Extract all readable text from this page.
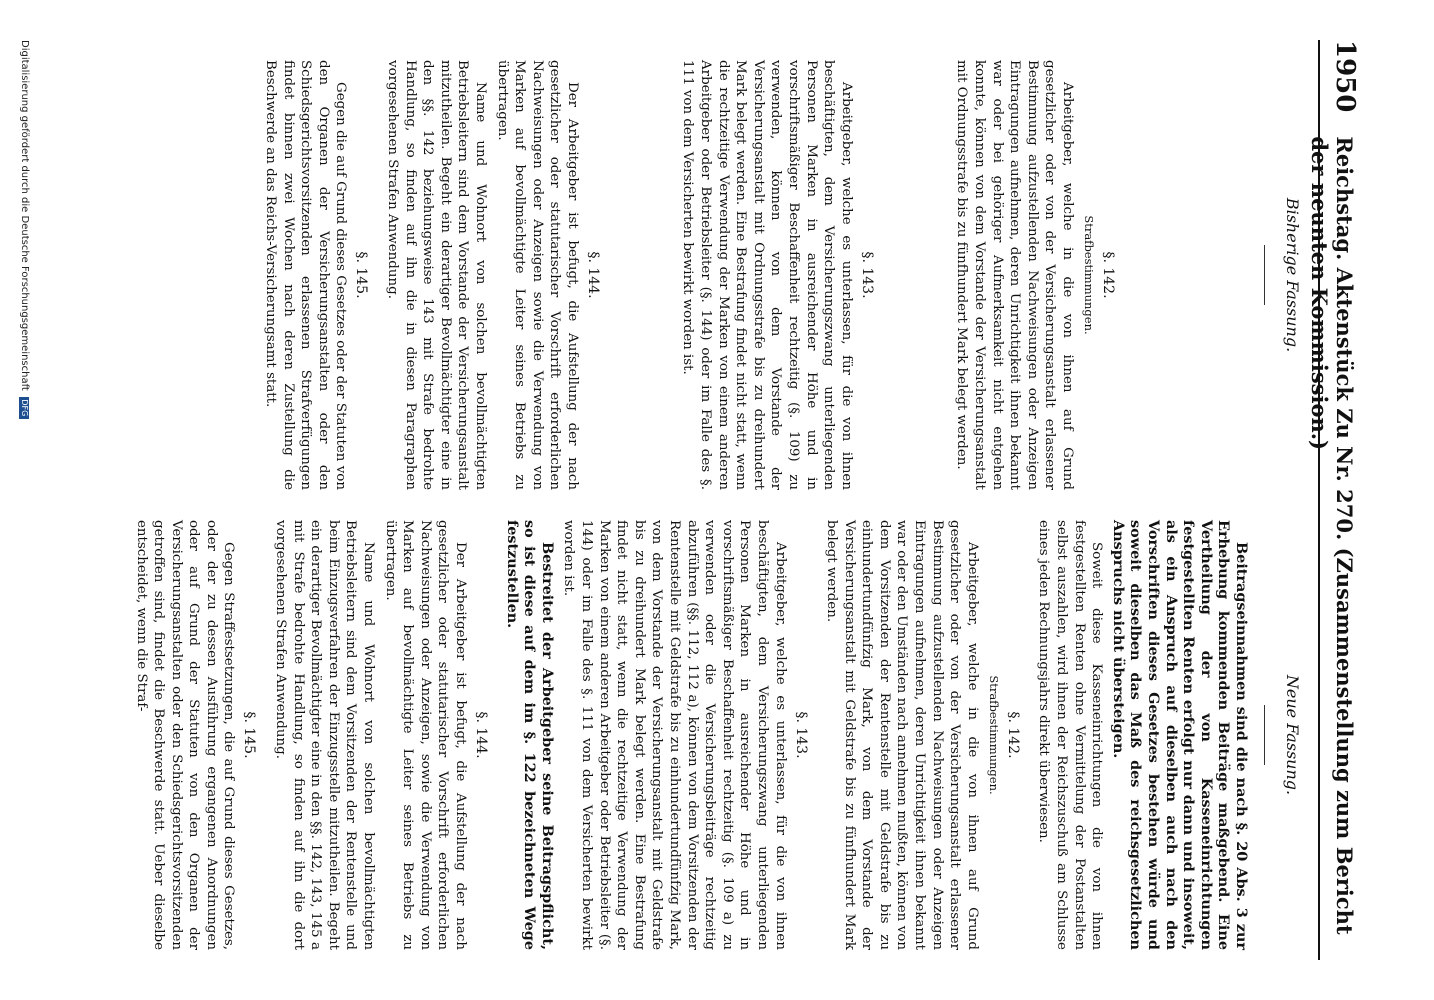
1950
Reichstag. Aktenstück Zu Nr. 270. (Zusammenstellung zum Bericht der neunten Kommission.)
Bisherige Fassung.
§. 142.
Strafbestimmungen.

Arbeitgeber, welche in die von ihnen auf Grund gesetzlicher oder von der Versicherungsanstalt erlassener Bestimmung aufzustellenden Nachweisungen oder Anzeigen Eintragungen aufnehmen, deren Unrichtigkeit ihnen bekannt war oder bei gehöriger Aufmerksamkeit nicht entgehen konnte, können von dem Vorstande der Versicherungsanstalt mit Ordnungsstrafe bis zu fünfhundert Mark belegt werden.

§. 143.

Arbeitgeber, welche es unterlassen, für die von ihnen beschäftigten, dem Versicherungszwang unterliegenden Personen Marken in ausreichender Höhe und in vorschriftsmäßiger Beschaffenheit rechtzeitig (§. 109) zu verwenden, können von dem Vorstande der Versicherungsanstalt mit Ordnungsstrafe bis zu dreihundert Mark belegt werden. Eine Bestrafung findet nicht statt, wenn die rechtzeitige Verwendung der Marken von einem anderen Arbeitgeber oder Betriebsleiter (§. 144) oder im Falle des §. 111 von dem Versicherten bewirkt worden ist.

§. 144.

Der Arbeitgeber ist befugt, die Aufstellung der nach gesetzlicher oder statutarischer Vorschrift erforderlichen Nachweisungen oder Anzeigen sowie die Verwendung von Marken auf bevollmächtigte Leiter seines Betriebs zu übertragen.

Name und Wohnort von solchen bevollmächtigten Betriebsleitern sind dem Vorstande der Versicherungsanstalt mitzutheilen. Begeht ein derartiger Bevollmächtigter eine in den §§. 142 beziehungsweise 143 mit Strafe bedrohte Handlung, so finden auf ihn die in diesen Paragraphen vorgesehenen Strafen Anwendung.

§. 145.

Gegen die auf Grund dieses Gesetzes oder der Statuten von den Organen der Versicherungsanstalten oder den Schiedsgerichtsvorsitzenden erlassenen Strafverfügungen findet binnen zwei Wochen nach deren Zustellung die Beschwerde an das Reichs-Versicherungsamt statt.

Neue Fassung.

Beitragseinnahmen sind die nach §. 20 Abs. 3 zur Erhebung kommenden Beiträge maßgebend. Eine Vertheilung der von Kasseneinrichtungen festgestellten Renten erfolgt nur dann und insoweit, als ein Anspruch auf dieselben auch nach den Vorschriften dieses Gesetzes bestehen würde und soweit dieselben das Maß des reichsgesetzlichen Anspruchs nicht übersteigen.

Soweit diese Kasseneinrichtungen die von ihnen festgestellten Renten ohne Vermittelung der Postanstalten selbst auszahlen, wird ihnen der Reichszuschuß am Schlusse eines jeden Rechnungsjahrs direkt überwiesen.

§. 142.
Strafbestimmungen.

Arbeitgeber, welche in die von ihnen auf Grund gesetzlicher oder von der Versicherungsanstalt erlassener Bestimmung aufzustellenden Nachweisungen oder Anzeigen Eintragungen aufnehmen, deren Unrichtigkeit ihnen bekannt war oder den Umständen nach annehmen mußten, können von dem Vorsitzenden der Rentenstelle mit Geldstrafe bis zu einhundertundfünfzig Mark, von dem Vorstande der Versicherungsanstalt mit Geldstrafe bis zu fünfhundert Mark belegt werden.

§. 143.

Arbeitgeber, welche es unterlassen, für die von ihnen beschäftigten, dem Versicherungszwang unterliegenden Personen Marken in ausreichender Höhe und in vorschriftsmäßiger Beschaffenheit rechtzeitig (§. 109 a) zu verwenden oder die Versicherungsbeiträge rechtzeitig abzuführen (§§. 112, 112 a), können von dem Vorsitzenden der Rentenstelle mit Geldstrafe bis zu einhundertundfünfzig Mark, von dem Vorstande der Versicherungsanstalt mit Geldstrafe bis zu dreihundert Mark belegt werden. Eine Bestrafung findet nicht statt, wenn die rechtzeitige Verwendung der Marken von einem anderen Arbeitgeber oder Betriebsleiter (§. 144) oder im Falle des §. 111 von dem Versicherten bewirkt worden ist.

Bestreitet der Arbeitgeber seine Beitragspflicht, so ist diese auf dem im §. 122 bezeichneten Wege festzustellen.

§. 144.

Der Arbeitgeber ist befugt, die Aufstellung der nach gesetzlicher oder statutarischer Vorschrift erforderlichen Nachweisungen oder Anzeigen, sowie die Verwendung von Marken auf bevollmächtigte Leiter seines Betriebs zu übertragen.

Name und Wohnort von solchen bevollmächtigten Betriebsleitern sind dem Vorsitzenden der Rentenstelle und beim Einzugsverfahren der Einzugsstelle mitzutheilen. Begeht ein derartiger Bevollmächtigter eine in den §§. 142, 143, 145 a mit Strafe bedrohte Handlung, so finden auf ihn die dort vorgesehenen Strafen Anwendung.

§. 145.

Gegen Straffestsetzungen, die auf Grund dieses Gesetzes, oder der zu dessen Ausführung ergangenen Anordnungen oder auf Grund der Statuten von den Organen der Versicherungsanstalten oder den Schiedsgerichtsvorsitzenden getroffen sind, findet die Beschwerde statt. Ueber dieselbe entscheidet, wenn die Straf-

Digitalisierung gefördert durch die Deutsche Forschungsgemeinschaft
DFG
